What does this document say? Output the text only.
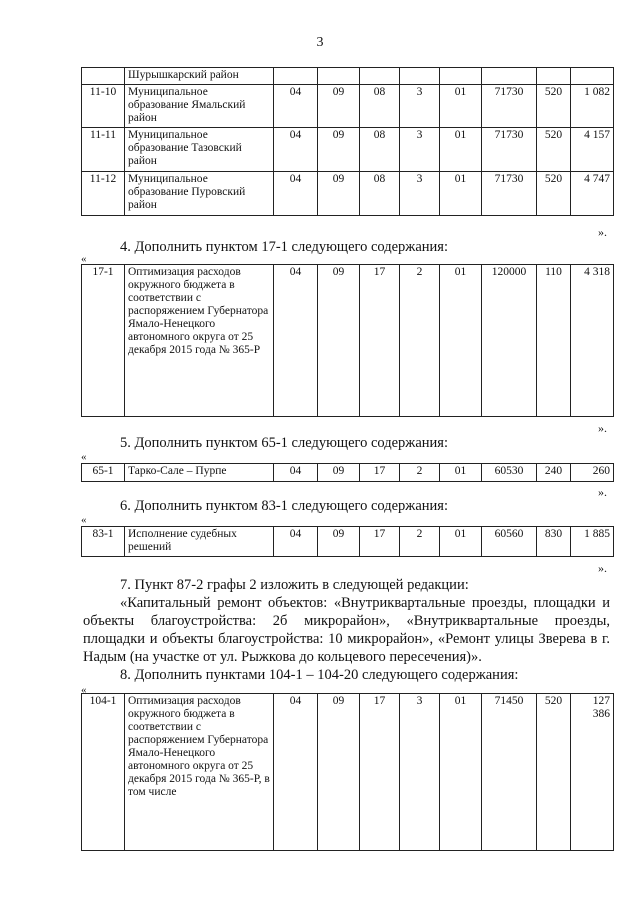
3
	Шурышкарский район								
11-10	Муниципальное образование Ямальский район	04	09	08	3	01	71730	520	1 082
11-11	Муниципальное образование Тазовский район	04	09	08	3	01	71730	520	4 157
11-12	Муниципальное образование Пуровский район	04	09	08	3	01	71730	520	4 747
».
4. Дополнить пунктом 17-1 следующего содержания:
«
17-1	Оптимизация расходов окружного бюджета в соответствии с распоряжением Губернатора Ямало-Ненецкого автономного округа от 25 декабря 2015 года № 365-Р	04	09	17	2	01	120000	110	4 318
».
5. Дополнить пунктом 65-1 следующего содержания:
«
65-1	Тарко-Сале – Пурпе	04	09	17	2	01	60530	240	260
».
6. Дополнить пунктом 83-1 следующего содержания:
«
83-1	Исполнение судебных решений	04	09	17	2	01	60560	830	1 885
».
7. Пункт 87-2 графы 2 изложить в следующей редакции:
«Капитальный ремонт объектов: «Внутриквартальные проезды, площадки и объекты благоустройства: 2б микрорайон», «Внутриквартальные проезды, площадки и объекты благоустройства: 10 микрорайон», «Ремонт улицы Зверева в г. Надым (на участке от ул. Рыжкова до кольцевого пересечения)».
8. Дополнить пунктами 104-1 – 104-20 следующего содержания:
«
104-1	Оптимизация расходов окружного бюджета в соответствии с распоряжением Губернатора Ямало-Ненецкого автономного округа от 25 декабря 2015 года № 365-Р, в том числе	04	09	17	3	01	71450	520	127 386
